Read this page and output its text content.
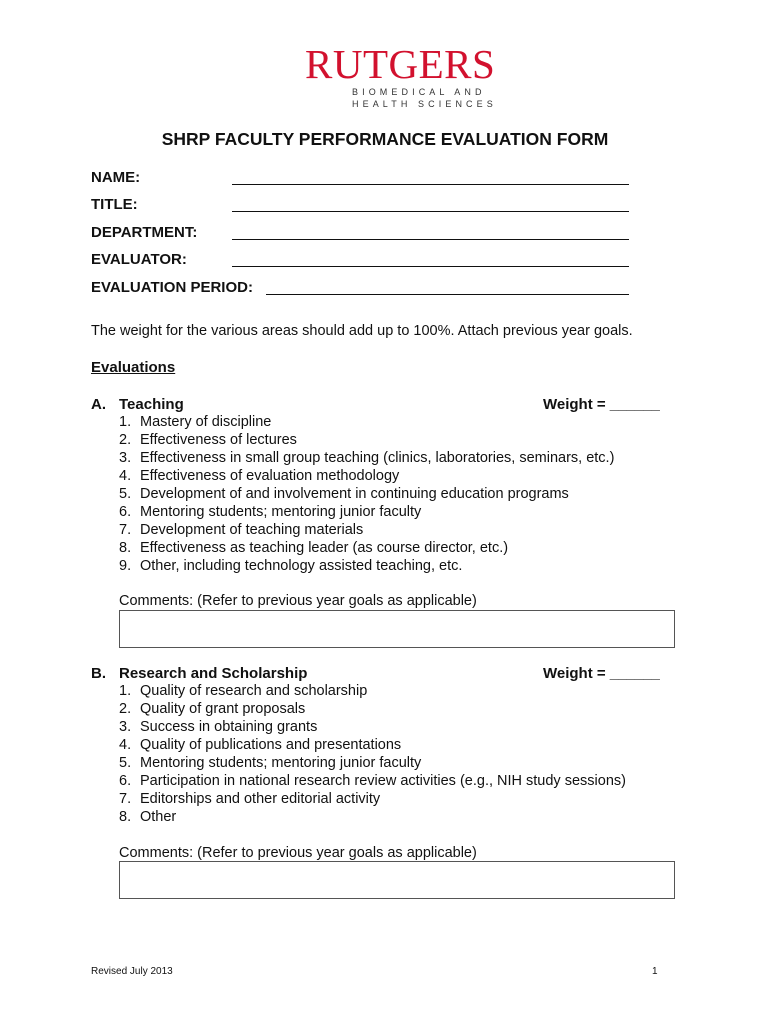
RUTGERS
BIOMEDICAL AND
HEALTH SCIENCES
SHRP FACULTY PERFORMANCE EVALUATION FORM
NAME:
TITLE:
DEPARTMENT:
EVALUATOR:
EVALUATION PERIOD:
The weight for the various areas should add up to 100%. Attach previous year goals.
Evaluations
A. Teaching	Weight = ______
1. Mastery of discipline
2. Effectiveness of lectures
3. Effectiveness in small group teaching (clinics, laboratories, seminars, etc.)
4. Effectiveness of evaluation methodology
5. Development of and involvement in continuing education programs
6. Mentoring students; mentoring junior faculty
7. Development of teaching materials
8. Effectiveness as teaching leader (as course director, etc.)
9. Other, including technology assisted teaching, etc.
Comments: (Refer to previous year goals as applicable)
B. Research and Scholarship	Weight = ______
1. Quality of research and scholarship
2. Quality of grant proposals
3. Success in obtaining grants
4. Quality of publications and presentations
5. Mentoring students; mentoring junior faculty
6. Participation in national research review activities (e.g., NIH study sessions)
7. Editorships and other editorial activity
8. Other
Comments: (Refer to previous year goals as applicable)
Revised July 2013	1
